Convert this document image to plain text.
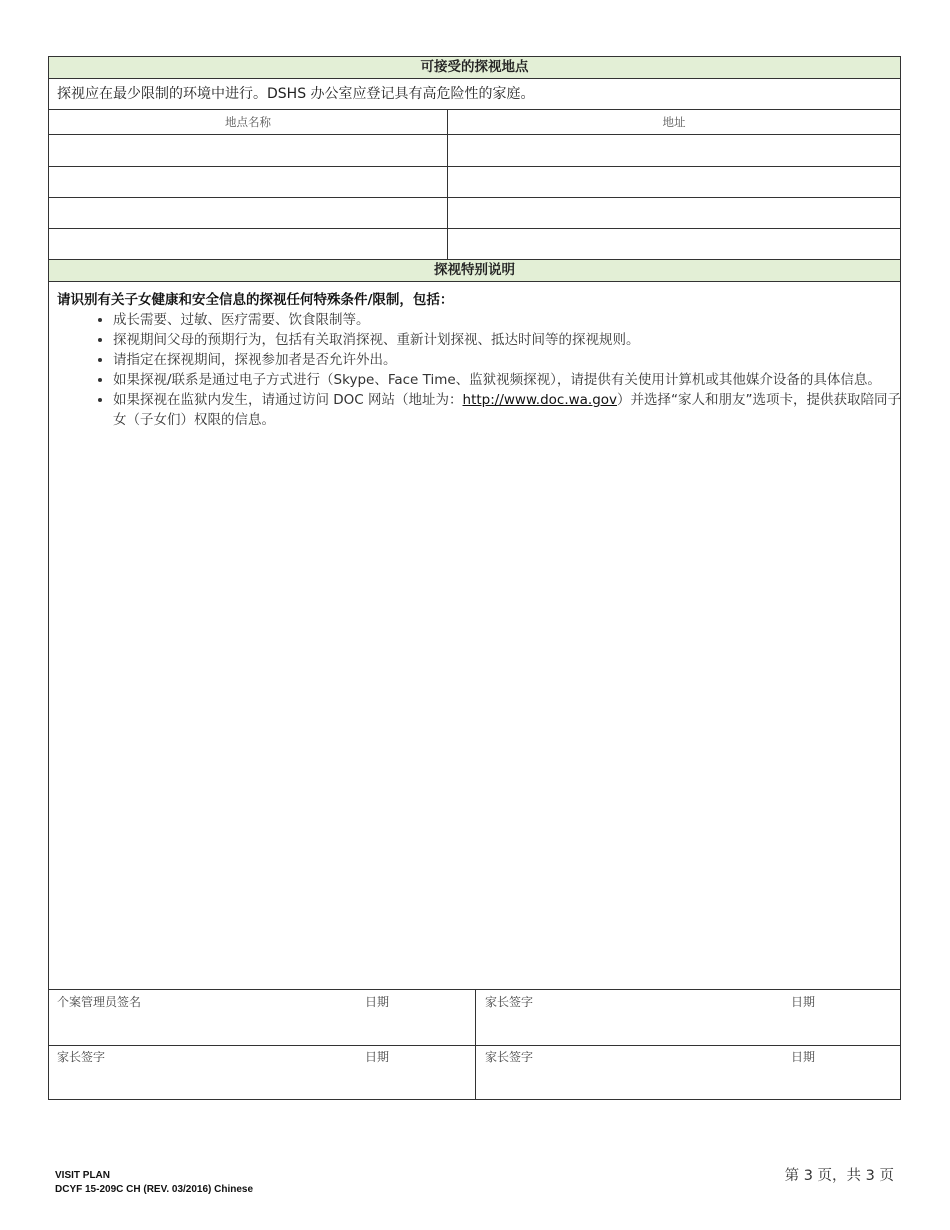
可接受的探视地点
探视应在最少限制的环境中进行。DSHS 办公室应登记具有高危险性的家庭。
地点名称	地址
探视特别说明
请识别有关子女健康和安全信息的探视任何特殊条件/限制，包括：
• 成长需要、过敏、医疗需要、饮食限制等。
• 探视期间父母的预期行为，包括有关取消探视、重新计划探视、抵达时间等的探视规则。
• 请指定在探视期间，探视参加者是否允许外出。
• 如果探视/联系是通过电子方式进行（Skype、Face Time、监狱视频探视），请提供有关使用计算机或其他媒介设备的具体信息。
• 如果探视在监狱内发生，请通过访问 DOC 网站（地址为：http://www.doc.wa.gov）并选择“家人和朋友”选项卡，提供获取陪同子女（子女们）权限的信息。
个案管理员签名	日期	家长签字	日期
家长签字	日期	家长签字	日期
VISIT PLAN
DCYF 15-209C CH (REV. 03/2016) Chinese
第 3 页，共 3 页
